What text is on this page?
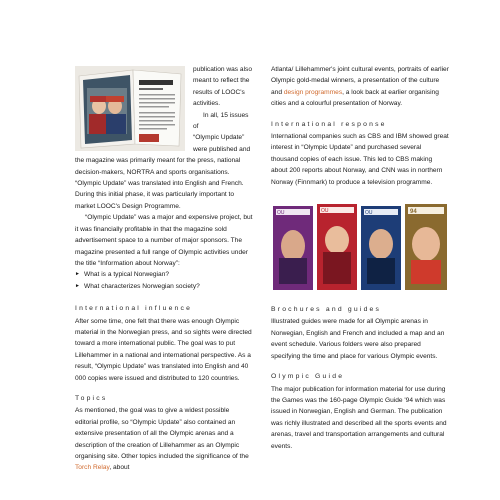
publication was also

meant to reflect the

results of LOOC's

activities.

In all, 15 issues of

“Olympic Update”

were published and

the magazine was primarily meant for the press, national decision-makers, NORTRA and sports organisations. “Olympic Update” was translated into English and French. During this initial phase, it was particularly important to market LOOC's Design Programme.

“Olympic Update” was a major and expensive project, but it was financially profitable in that the magazine sold advertisement space to a number of major sponsors. The magazine presented a full range of Olympic activities under the title “Information about Norway”:

► What is a typical Norwegian?
► What characterizes Norwegian society?

International influence

After some time, one felt that there was enough Olympic material in the Norwegian press, and so sights were directed toward a more international public. The goal was to put Lillehammer in a national and international perspective. As a result, “Olympic Update” was translated into English and 40 000 copies were issued and distributed to 120 countries.

Topics

As mentioned, the goal was to give a widest possible editorial profile, so “Olympic Update” also contained an extensive presentation of all the Olympic arenas and a description of the creation of Lillehammer as an Olympic organising site. Other topics included the significance of the Torch Relay, about

Atlanta/ Lillehammer's joint cultural events, portraits of earlier Olympic gold-medal winners, a presentation of the culture and design programmes, a look back at earlier organising cities and a colourful presentation of Norway.

International response

International companies such as CBS and IBM showed great interest in “Olympic Update” and purchased several thousand copies of each issue. This led to CBS making about 200 reports about Norway, and CNN was in northern Norway (Finnmark) to produce a television programme.

Brochures and guides

Illustrated guides were made for all Olympic arenas in Norwegian, English and French and included a map and an event schedule. Various folders were also prepared specifying the time and place for various Olympic events.

Olympic Guide

The major publication for information material for use during the Games was the 160-page Olympic Guide '94 which was issued in Norwegian, English and German. The publication was richly illustrated and described all the sports events and arenas, travel and transportation arrangements and cultural events.

OU	OU	OU	94
